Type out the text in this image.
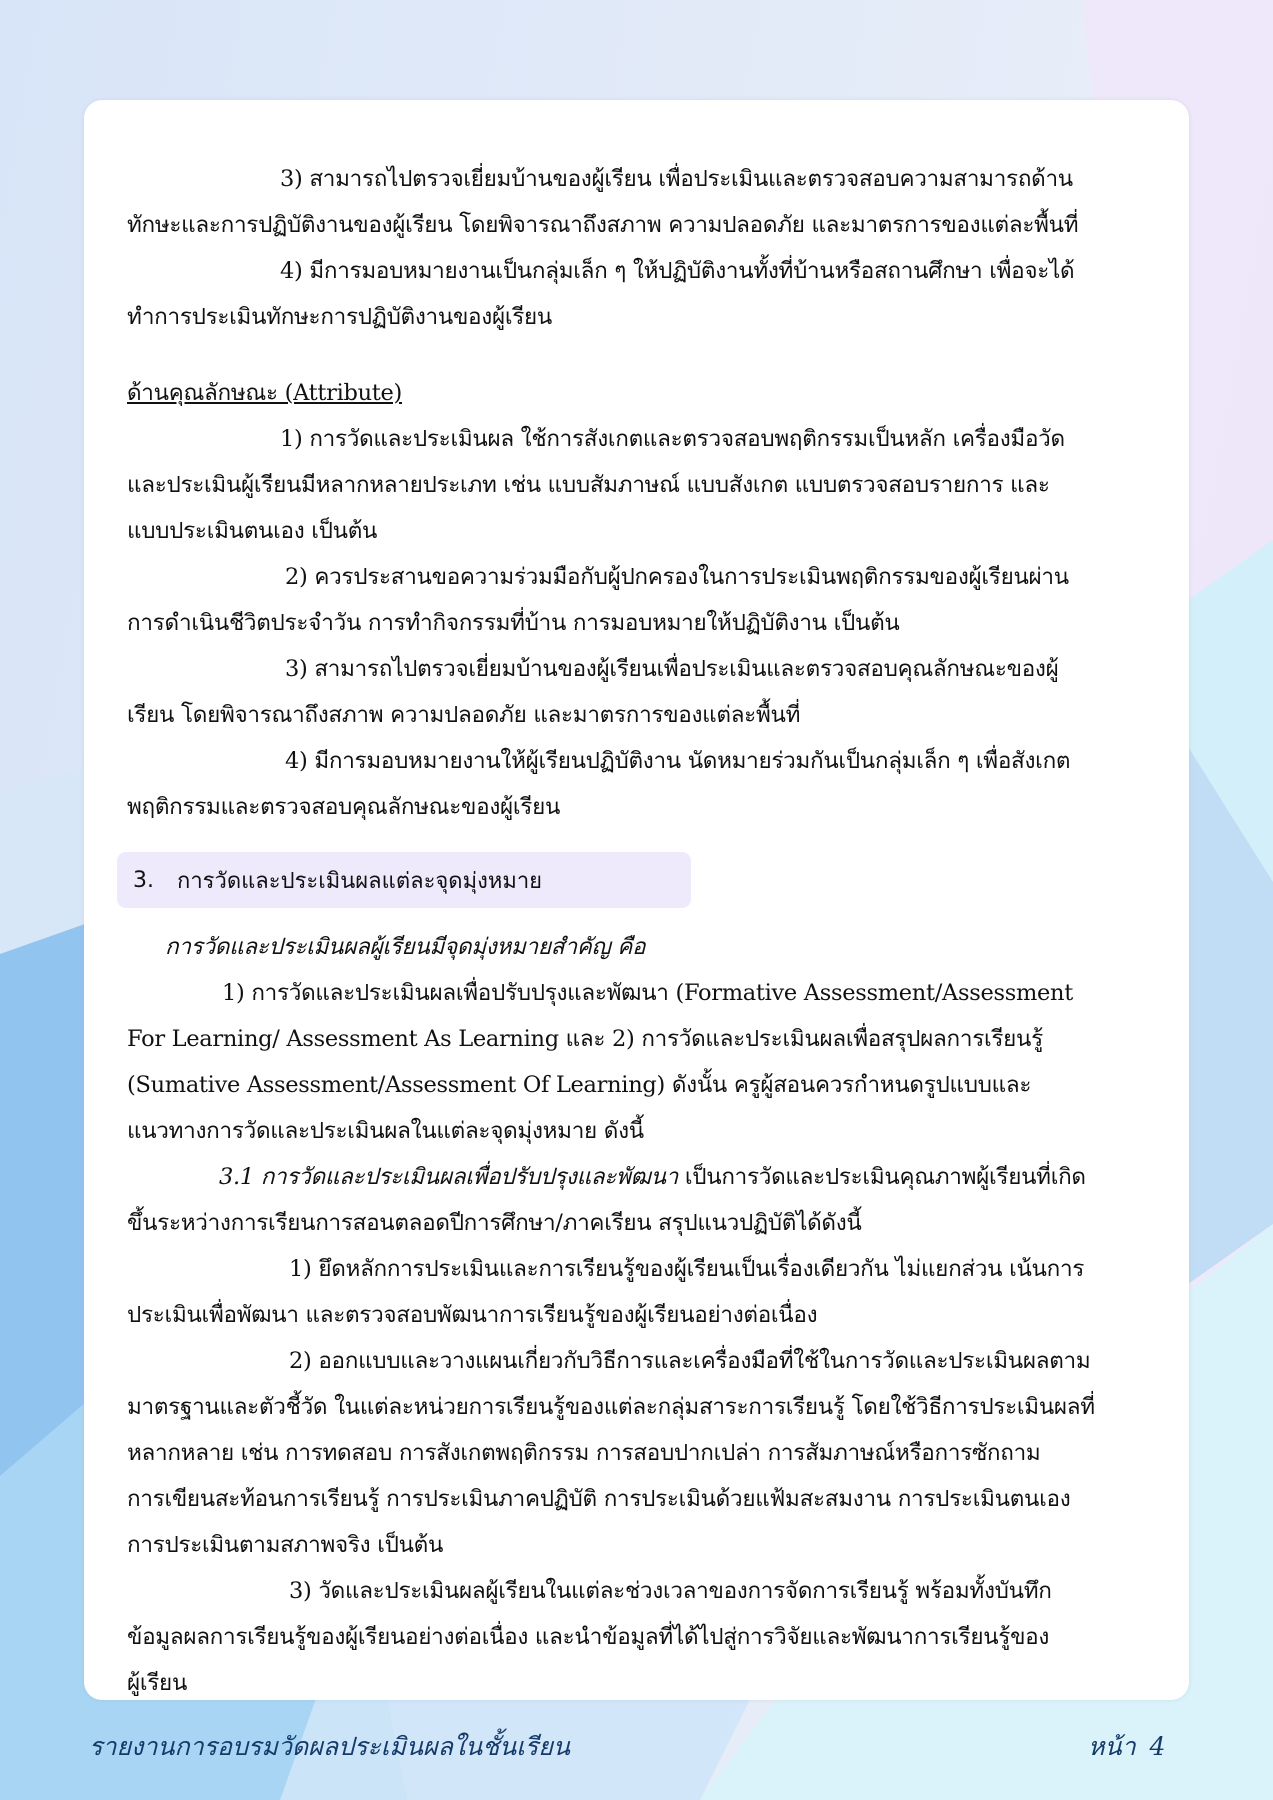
3) สามารถไปตรวจเยี่ยมบ้านของผู้เรียน เพื่อประเมินและตรวจสอบความสามารถด้าน

ทักษะและการปฏิบัติงานของผู้เรียน โดยพิจารณาถึงสภาพ ความปลอดภัย และมาตรการของแต่ละพื้นที่

4) มีการมอบหมายงานเป็นกลุ่มเล็ก ๆ ให้ปฏิบัติงานทั้งที่บ้านหรือสถานศึกษา เพื่อจะได้

ทำการประเมินทักษะการปฏิบัติงานของผู้เรียน

ด้านคุณลักษณะ (Attribute)

1) การวัดและประเมินผล ใช้การสังเกตและตรวจสอบพฤติกรรมเป็นหลัก เครื่องมือวัด

และประเมินผู้เรียนมีหลากหลายประเภท เช่น แบบสัมภาษณ์ แบบสังเกต แบบตรวจสอบรายการ และ

แบบประเมินตนเอง เป็นต้น

2) ควรประสานขอความร่วมมือกับผู้ปกครองในการประเมินพฤติกรรมของผู้เรียนผ่าน

การดำเนินชีวิตประจำวัน การทำกิจกรรมที่บ้าน การมอบหมายให้ปฏิบัติงาน เป็นต้น

3) สามารถไปตรวจเยี่ยมบ้านของผู้เรียนเพื่อประเมินและตรวจสอบคุณลักษณะของผู้

เรียน โดยพิจารณาถึงสภาพ ความปลอดภัย และมาตรการของแต่ละพื้นที่

4) มีการมอบหมายงานให้ผู้เรียนปฏิบัติงาน นัดหมายร่วมกันเป็นกลุ่มเล็ก ๆ เพื่อสังเกต

พฤติกรรมและตรวจสอบคุณลักษณะของผู้เรียน

การวัดและประเมินผลผู้เรียนมีจุดมุ่งหมายสำคัญ คือ

1) การวัดและประเมินผลเพื่อปรับปรุงและพัฒนา (Formative Assessment/Assessment

For Learning/ Assessment As Learning และ 2) การวัดและประเมินผลเพื่อสรุปผลการเรียนรู้

(Sumative Assessment/Assessment Of Learning) ดังนั้น ครูผู้สอนควรกำหนดรูปแบบและ

แนวทางการวัดและประเมินผลในแต่ละจุดมุ่งหมาย ดังนี้

3.1 การวัดและประเมินผลเพื่อปรับปรุงและพัฒนา เป็นการวัดและประเมินคุณภาพผู้เรียนที่เกิด

ขึ้นระหว่างการเรียนการสอนตลอดปีการศึกษา/ภาคเรียน สรุปแนวปฏิบัติได้ดังนี้

1) ยึดหลักการประเมินและการเรียนรู้ของผู้เรียนเป็นเรื่องเดียวกัน ไม่แยกส่วน เน้นการ

ประเมินเพื่อพัฒนา และตรวจสอบพัฒนาการเรียนรู้ของผู้เรียนอย่างต่อเนื่อง

2) ออกแบบและวางแผนเกี่ยวกับวิธีการและเครื่องมือที่ใช้ในการวัดและประเมินผลตาม

มาตรฐานและตัวชี้วัด ในแต่ละหน่วยการเรียนรู้ของแต่ละกลุ่มสาระการเรียนรู้ โดยใช้วิธีการประเมินผลที่

หลากหลาย เช่น การทดสอบ การสังเกตพฤติกรรม การสอบปากเปล่า การสัมภาษณ์หรือการซักถาม

การเขียนสะท้อนการเรียนรู้ การประเมินภาคปฏิบัติ การประเมินด้วยแฟ้มสะสมงาน การประเมินตนเอง

การประเมินตามสภาพจริง เป็นต้น

3) วัดและประเมินผลผู้เรียนในแต่ละช่วงเวลาของการจัดการเรียนรู้ พร้อมทั้งบันทึก

ข้อมูลผลการเรียนรู้ของผู้เรียนอย่างต่อเนื่อง และนำข้อมูลที่ได้ไปสู่การวิจัยและพัฒนาการเรียนรู้ของ

ผู้เรียน

3.	การวัดและประเมินผลแต่ละจุดมุ่งหมาย
รายงานการอบรมวัดผลประเมินผลในชั้นเรียน	หน้า 4
